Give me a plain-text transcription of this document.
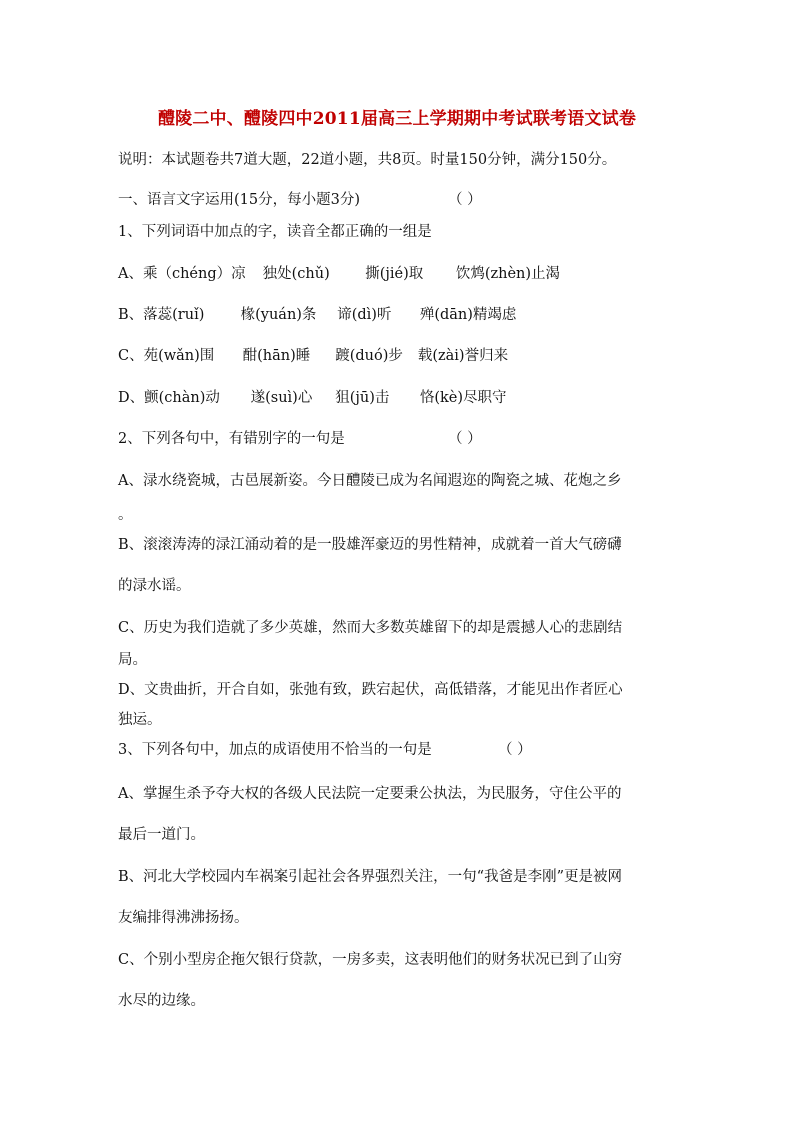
醴陵二中、醴陵四中2011届高三上学期期中考试联考语文试卷
说明：本试题卷共7道大题，22道小题，共8页。时量150分钟，满分150分。
一、语言文字运用(15分，每小题3分)	（ ）
1、下列词语中加点的字，读音全都正确的一组是
A、乘（chéng）凉 独处(chǔ) 撕(jié)取 饮鸩(zhèn)止渴
B、落蕊(ruǐ) 椽(yuán)条 谛(dì)听 殚(dān)精竭虑
C、苑(wǎn)围 酣(hān)睡 踱(duó)步 载(zài)誉归来
D、颤(chàn)动 遂(suì)心 狙(jū)击 恪(kè)尽职守
2、下列各句中，有错别字的一句是	（ ）
A、渌水绕瓷城，古邑展新姿。今日醴陵已成为名闻遐迩的陶瓷之城、花炮之乡
。
B、滚滚涛涛的渌江涌动着的是一股雄浑豪迈的男性精神，成就着一首大气磅礴
的渌水谣。
C、历史为我们造就了多少英雄，然而大多数英雄留下的却是震撼人心的悲剧结
局。
D、文贵曲折，开合自如，张弛有致，跌宕起伏，高低错落，才能见出作者匠心
独运。
3、下列各句中，加点的成语使用不恰当的一句是	（ ）
A、掌握生杀予夺大权的各级人民法院一定要秉公执法，为民服务，守住公平的
最后一道门。
B、河北大学校园内车祸案引起社会各界强烈关注，一句“我爸是李刚”更是被网
友编排得沸沸扬扬。
C、个别小型房企拖欠银行贷款，一房多卖，这表明他们的财务状况已到了山穷
水尽的边缘。
